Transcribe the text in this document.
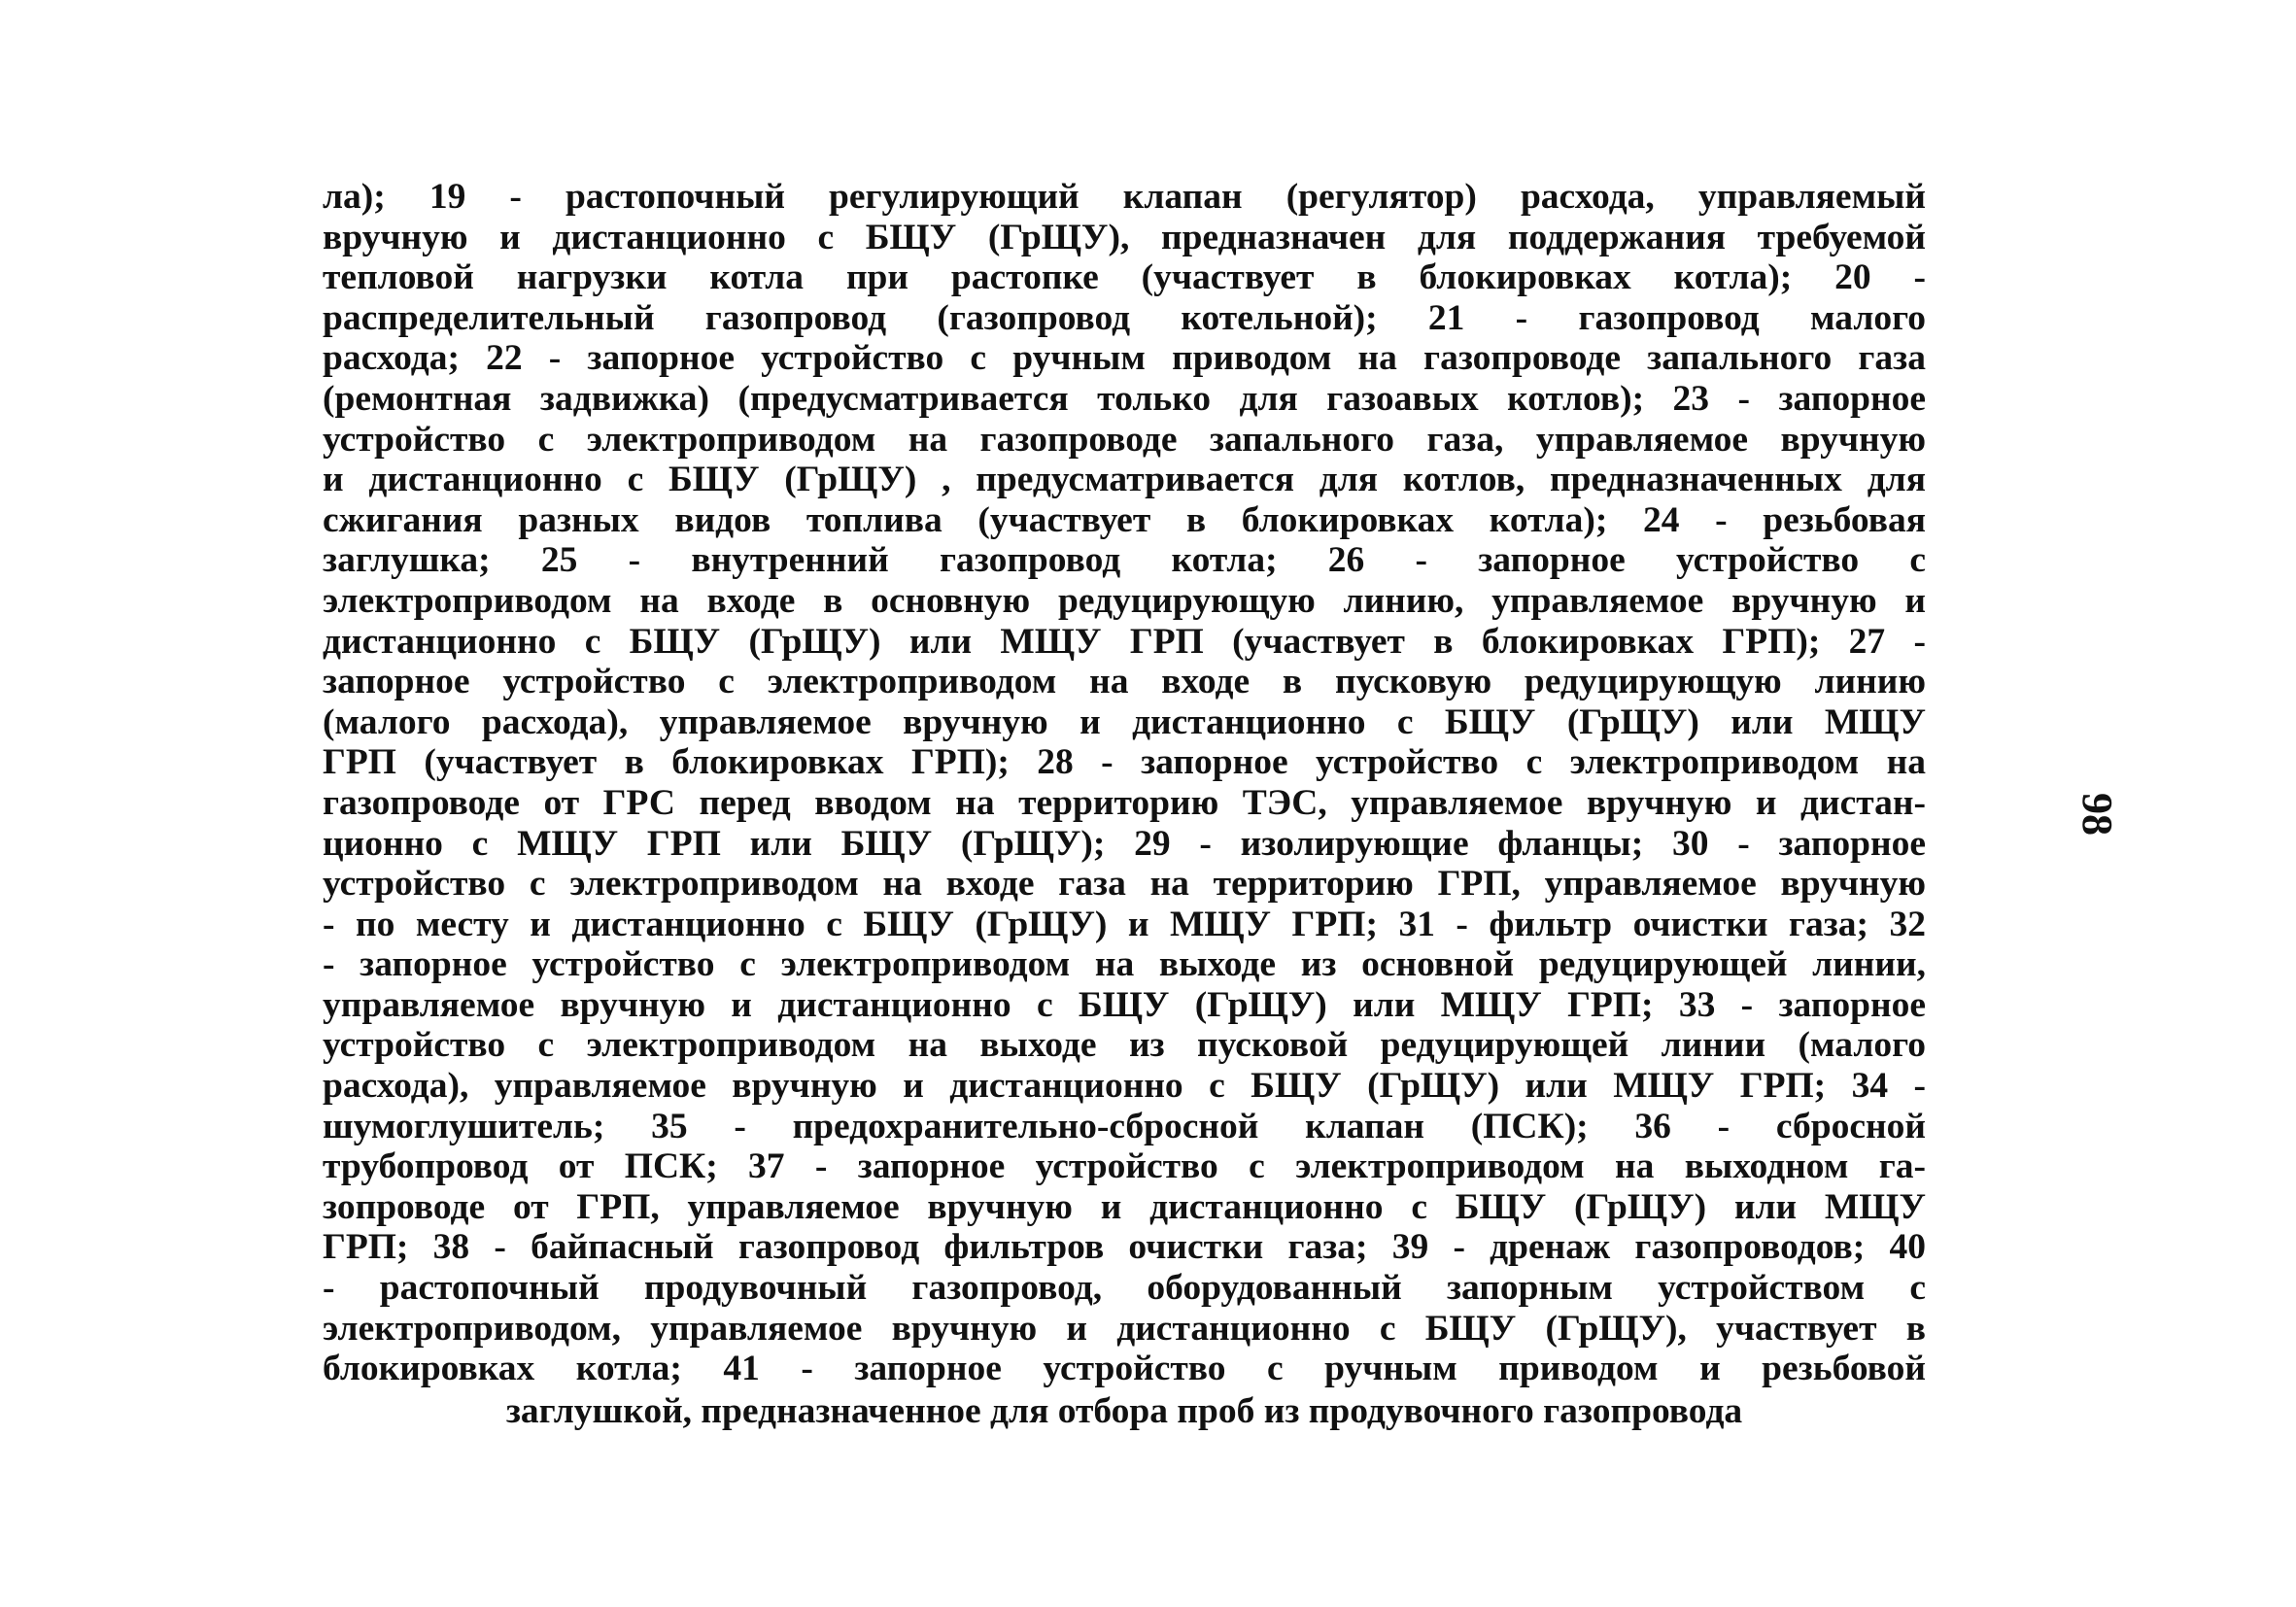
ла); 19 - растопочный регулирующий клапан (регулятор) расхода, управляемый
вручную и дистанционно с БЩУ (ГрЩУ), предназначен для поддержания требуемой
тепловой нагрузки котла при растопке (участвует в блокировках котла); 20 -
распределительный газопровод (газопровод котельной); 21 - газопровод малого
расхода; 22 - запорное устройство с ручным приводом на газопроводе запального газа
(ремонтная задвижка) (предусматривается только для газоавых котлов); 23 - запорное
устройство с электроприводом на газопроводе запального газа, управляемое вручную
и дистанционно с БЩУ (ГрЩУ) , предусматривается для котлов, предназначенных для
сжигания разных видов топлива (участвует в блокировках котла); 24 - резьбовая
заглушка; 25 - внутренний газопровод котла; 26 - запорное устройство с
электроприводом на входе в основную редуцирующую линию, управляемое вручную и
дистанционно с БЩУ (ГрЩУ) или МЩУ ГРП (участвует в блокировках ГРП); 27 -
запорное устройство с электроприводом на входе в пусковую редуцирующую линию
(малого расхода), управляемое вручную и дистанционно с БЩУ (ГрЩУ) или МЩУ
ГРП (участвует в блокировках ГРП); 28 - запорное устройство с электроприводом на
газопроводе от ГРС перед вводом на территорию ТЭС, управляемое вручную и дистан-
ционно с МЩУ ГРП или БЩУ (ГрЩУ); 29 - изолирующие фланцы; 30 - запорное
устройство с электроприводом на входе газа на территорию ГРП, управляемое вручную
- по месту и дистанционно с БЩУ (ГрЩУ) и МЩУ ГРП; 31 - фильтр очистки газа; 32
- запорное устройство с электроприводом на выходе из основной редуцирующей линии,
управляемое вручную и дистанционно с БЩУ (ГрЩУ) или МЩУ ГРП; 33 - запорное
устройство с электроприводом на выходе из пусковой редуцирующей линии (малого
расхода), управляемое вручную и дистанционно с БЩУ (ГрЩУ) или МЩУ ГРП; 34 -
шумоглушитель; 35 - предохранительно-сбросной клапан (ПСК); 36 - сбросной
трубопровод от ПСК; 37 - запорное устройство с электроприводом на выходном га-
зопроводе от ГРП, управляемое вручную и дистанционно с БЩУ (ГрЩУ) или МЩУ
ГРП; 38 - байпасный газопровод фильтров очистки газа; 39 - дренаж газопроводов; 40
- растопочный продувочный газопровод, оборудованный запорным устройством с
электроприводом, управляемое вручную и дистанционно с БЩУ (ГрЩУ), участвует в
блокировках котла; 41 - запорное устройство с ручным приводом и резьбовой
заглушкой, предназначенное для отбора проб из продувочного газопровода
98
